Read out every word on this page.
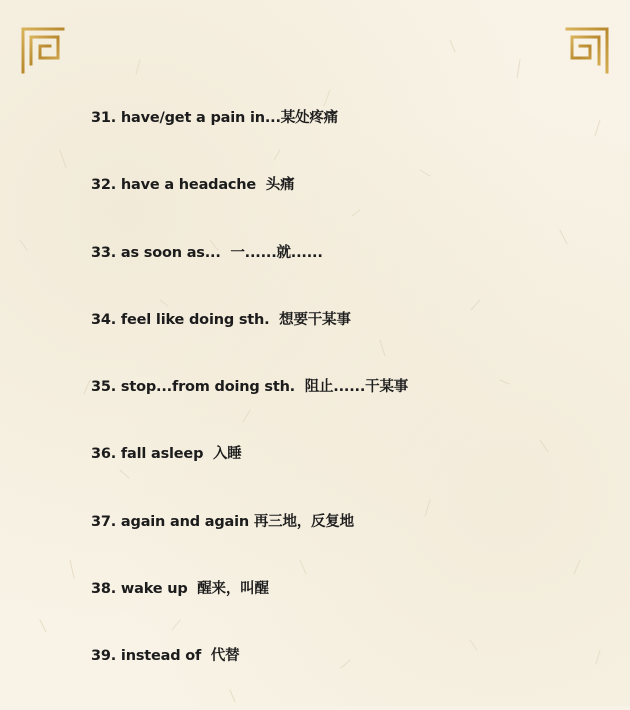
31. have/get a pain in...某处疼痛
32. have a headache  头痛
33. as soon as...  一......就......
34. feel like doing sth.  想要干某事
35. stop...from doing sth.  阻止......干某事
36. fall asleep  入睡
37. again and again 再三地，反复地
38. wake up  醒来，叫醒
39. instead of  代替
